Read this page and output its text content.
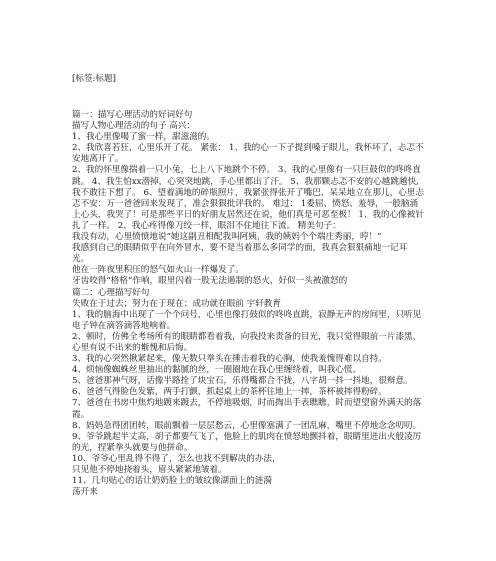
[标签:标题]

篇一：描写心理活动的好词好句

描写人物心理活动的句子 高兴：

1、我心里像喝了蜜一样，甜滋滋的。

2、我欣喜若狂，心里乐开了花。 紧张： 1、我的心一下子提到嗓子眼儿，我怀坏了，忐忑不安地离开了。

2、我的怀里像揣着一只小兔，七上八下地跳个不停。 3、我的心里像有一只巨鼓似的咚咚直跳。 4、我生怕xx潜掉，心突突地跳，手心里都出了汗。 5、我那颗忐忑不安的心越跳越快,我不敢往下想了。 6、望着满地的碎瓶照片，我紧张得张开了嘴巴，呆呆地立在那儿，心里忐忑不安：万一爸爸回来发现了，准会狠狠批评我的。 难过： 1委屈、愤怒、羞辱，一般脑涌上心头，我哭了！可是那些平日的好朋友居然还在说，他们真是可恶至极！ 1、我的心像被针扎了一样。 2、我心疼得像刀绞一样，眼泪不住地往下流。 精美句子：

我没有动，心里愤愤地说“她这副丑相配我叫阿姨，我的姨妈个个端庄秀丽，哼！”

我感到自己的眼睛似乎在向外冒水，要不是当着那么多同学的面，我真会狠狠痛地一记耳光。

他在一阵夜里积压的怒气如火山一样爆发了。

牙齿咬得“格格”作响，眼里闪着一股无法遏制的怒火，好似一头被激怒的

篇二：心理描写好句

失败在于过去；努力在于现在；成功就在眼前 宇轩教育

1、我的脑海中出现了一个个问号，心里也像打鼓似的咚咚直跳，寂静无声的房间里，只听见电子钟在滴答滴答地响着。

2、顿时，仿佛全考场所有的眼睛都看着我，向我投来责备的目光，我只觉得眼前一片漆黑，心里有说不出来的惭愧和后悔。

3、我的心突然揪紧起来，像无数只拳头在捶击着我的心胸，使我羞愧得难以自持。

4、烦恼像蜘蛛丝里抽出的黏腻的丝，一圈圈地在我心里缠绕着，叫我心慌。

5、爸爸那神气呀，话像半路拴了块宝石，乐得嘴都合不拢，八字胡一抖一抖地，很辩意。

6、爸爸气得脸色发紫，两手打颤，抓起桌上的茶杯往地上一摔，茶杯被摔得粉碎。

7、爸爸在书房中焦灼地踱来踱去，不停地吸烟，时而掏出手表瞧瞧，时而望望窗外满天的落霞。

8、妈妈急得团团转，眼前飘着一层层愁云，心里像塞满了一团乱麻，嘴里不停地念念叨叨。

9、爷爷跳起半丈高，胡子都要气飞了，他脸上的肌肉在愤怒地颤抖着，眼睛里迸出火般凌厉的光，捏紧拳头就要与他拼命。

10、爷爷心里乱得不得了，怎么也找不到解决的办法，

只见他不停地挠着头，眉头紧紧地皱着。

11、几句贴心的话让奶奶脸上的皱纹像湖面上的涟漪

荡开来
